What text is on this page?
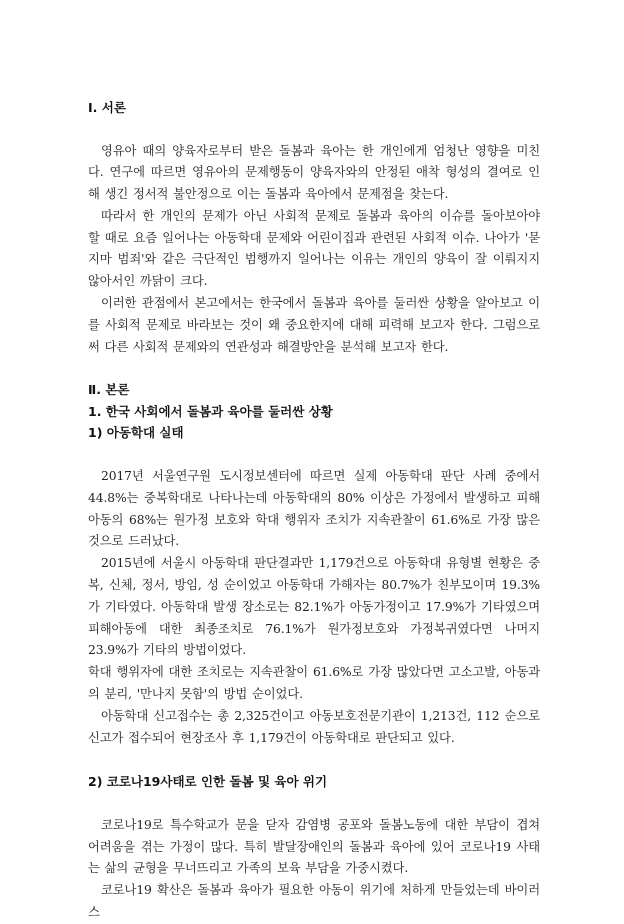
Ⅰ. 서론

영유아 때의 양육자로부터 받은 돌봄과 육아는 한 개인에게 엄청난 영향을 미친다. 연구에 따르면 영유아의 문제행동이 양육자와의 안정된 애착 형성의 결여로 인해 생긴 정서적 불안정으로 이는 돌봄과 육아에서 문제점을 찾는다.

따라서 한 개인의 문제가 아닌 사회적 문제로 돌봄과 육아의 이슈를 돌아보아야 할 때로 요즘 일어나는 아동학대 문제와 어린이집과 관련된 사회적 이슈. 나아가 '묻지마 범죄'와 같은 극단적인 범행까지 일어나는 이유는 개인의 양육이 잘 이뤄지지 않아서인 까닭이 크다.

이러한 관점에서 본고에서는 한국에서 돌봄과 육아를 둘러싼 상황을 알아보고 이를 사회적 문제로 바라보는 것이 왜 중요한지에 대해 피력해 보고자 한다. 그럼으로써 다른 사회적 문제와의 연관성과 해결방안을 분석해 보고자 한다.

Ⅱ. 본론
1. 한국 사회에서 돌봄과 육아를 둘러싼 상황
1) 아동학대 실태

2017년 서울연구원 도시정보센터에 따르면 실제 아동학대 판단 사례 중에서 44.8%는 중복학대로 나타나는데 아동학대의 80% 이상은 가정에서 발생하고 피해아동의 68%는 원가정 보호와 학대 행위자 조치가 지속관찰이 61.6%로 가장 많은 것으로 드러났다.

2015년에 서울시 아동학대 판단결과만 1,179건으로 아동학대 유형별 현황은 중복, 신체, 정서, 방임, 성 순이었고 아동학대 가해자는 80.7%가 친부모이며 19.3%가 기타였다. 아동학대 발생 장소로는 82.1%가 아동가정이고 17.9%가 기타였으며 피해아동에 대한 최종조치로 76.1%가 원가정보호와 가정복귀였다면 나머지 23.9%가 기타의 방법이었다.

학대 행위자에 대한 조치로는 지속관찰이 61.6%로 가장 많았다면 고소고발, 아동과의 분리, '만나지 못함'의 방법 순이었다.

아동학대 신고접수는 총 2,325건이고 아동보호전문기관이 1,213건, 112 순으로 신고가 접수되어 현장조사 후 1,179건이 아동학대로 판단되고 있다.

2) 코로나19사태로 인한 돌봄 및 육아 위기

코로나19로 특수학교가 문을 닫자 감염병 공포와 돌봄노동에 대한 부담이 겹쳐 어려움을 겪는 가정이 많다. 특히 발달장애인의 돌봄과 육아에 있어 코로나19 사태는 삶의 균형을 무너뜨리고 가족의 보육 부담을 가중시켰다.

코로나19 확산은 돌봄과 육아가 필요한 아동이 위기에 처하게 만들었는데 바이러스
